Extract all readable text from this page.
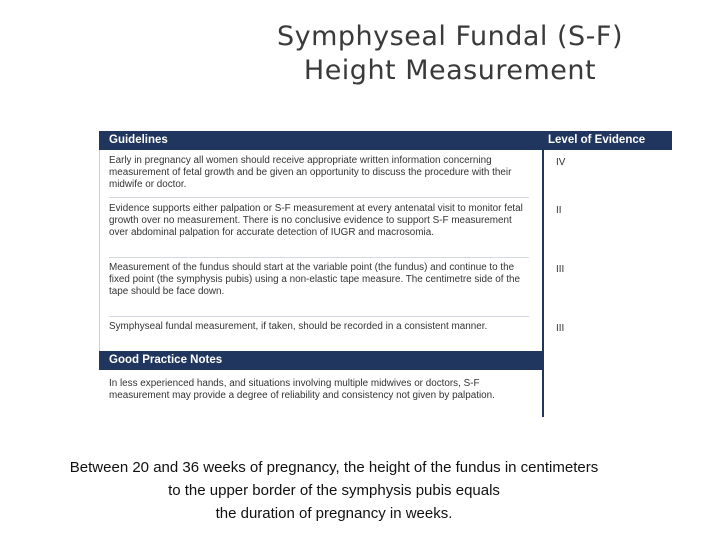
Symphyseal Fundal (S-F)
Height Measurement
Guidelines	Level of Evidence
Early in pregnancy all women should receive appropriate written information concerning measurement of fetal growth and be given an opportunity to discuss the procedure with their midwife or doctor.
IV
Evidence supports either palpation or S-F measurement at every antenatal visit to monitor fetal growth over no measurement. There is no conclusive evidence to support S-F measurement over abdominal palpation for accurate detection of IUGR and macrosomia.
II
Measurement of the fundus should start at the variable point (the fundus) and continue to the fixed point (the symphysis pubis) using a non-elastic tape measure. The centimetre side of the tape should be face down.
III
Symphyseal fundal measurement, if taken, should be recorded in a consistent manner.	III
Good Practice Notes
In less experienced hands, and situations involving multiple midwives or doctors, S-F measurement may provide a degree of reliability and consistency not given by palpation.
Between 20 and 36 weeks of pregnancy, the height of the fundus in centimeters
to the upper border of the symphysis pubis equals
the duration of pregnancy in weeks.
